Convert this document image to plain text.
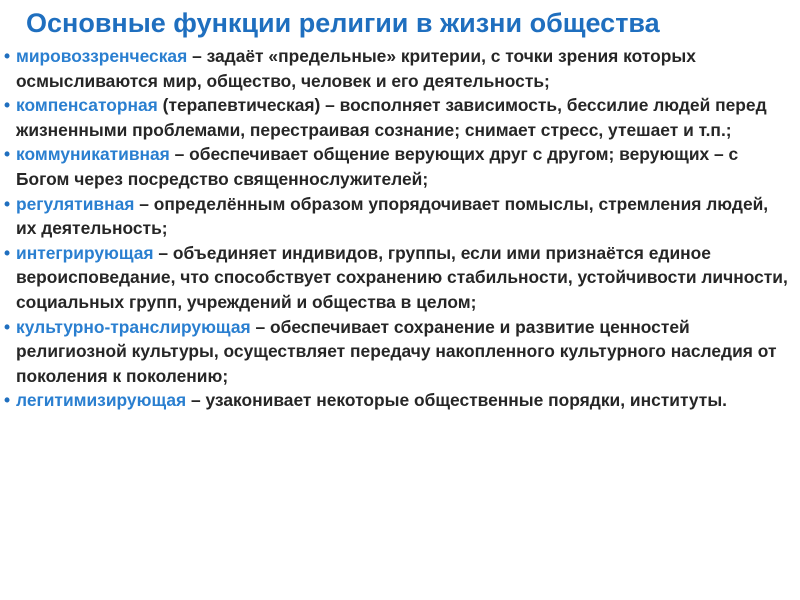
Основные функции религии в жизни общества
• мировоззренческая – задаёт «предельные» критерии, с точки зрения которых осмысливаются мир, общество, человек и его деятельность;
• компенсаторная (терапевтическая) – восполняет зависимость, бессилие людей перед жизненными проблемами, перестраивая сознание; снимает стресс, утешает и т.п.;
• коммуникативная – обеспечивает общение верующих друг с другом; верующих – с Богом через посредство священнослужителей;
• регулятивная – определённым образом упорядочивает помыслы, стремления людей, их деятельность;
• интегрирующая – объединяет индивидов, группы, если ими признаётся единое вероисповедание, что способствует сохранению стабильности, устойчивости личности, социальных групп, учреждений и общества в целом;
• культурно-транслирующая – обеспечивает сохранение и развитие ценностей религиозной культуры, осуществляет передачу накопленного культурного наследия от поколения к поколению;
• легитимизирующая – узаконивает некоторые общественные порядки, институты.
